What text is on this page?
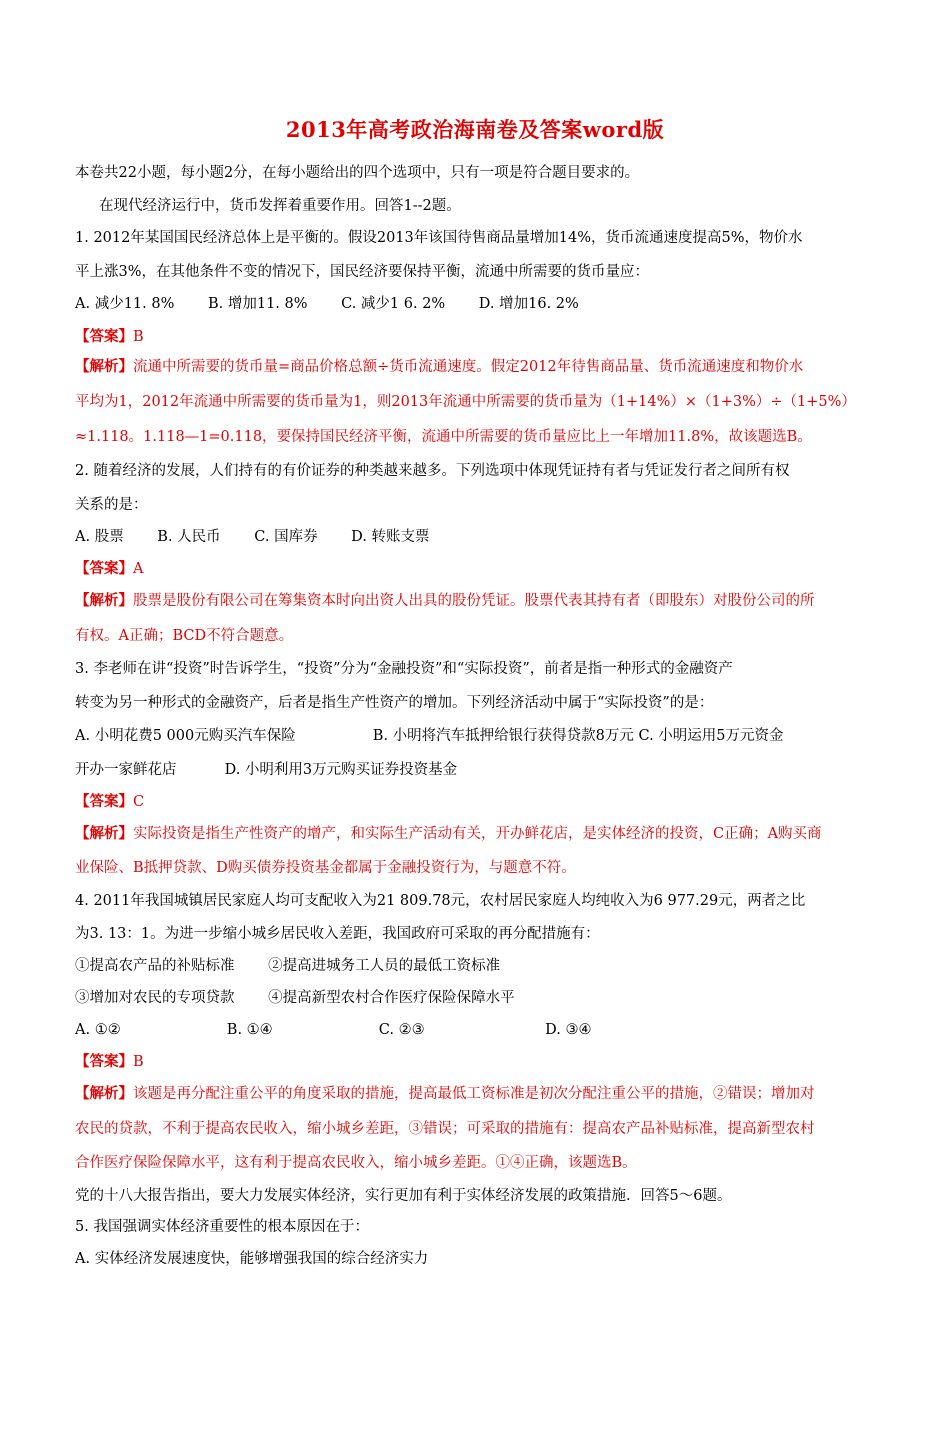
2013年高考政治海南卷及答案word版
本卷共22小题，每小题2分，在每小题给出的四个选项中，只有一项是符合题目要求的。
在现代经济运行中，货币发挥着重要作用。回答1--2题。
1. 2012年某国国民经济总体上是平衡的。假设2013年该国待售商品量增加14%，货币流通速度提高5%，物价水
平上涨3%，在其他条件不变的情况下，国民经济要保持平衡，流通中所需要的货币量应：
A. 减少11. 8%　　 B. 增加11. 8%　　 C. 减少1 6. 2%　　 D. 增加16. 2%
【答案】B
【解析】流通中所需要的货币量=商品价格总额÷货币流通速度。假定2012年待售商品量、货币流通速度和物价水
平均为1，2012年流通中所需要的货币量为1，则2013年流通中所需要的货币量为（1+14%）×（1+3%）÷（1+5%）
≈1.118。1.118—1=0.118，要保持国民经济平衡，流通中所需要的货币量应比上一年增加11.8%，故该题选B。
2. 随着经济的发展，人们持有的有价证券的种类越来越多。下列选项中体现凭证持有者与凭证发行者之间所有权
关系的是：
A. 股票　　 B. 人民币　　 C. 国库券　　 D. 转账支票
【答案】A
【解析】股票是股份有限公司在筹集资本时向出资人出具的股份凭证。股票代表其持有者（即股东）对股份公司的所
有权。A正确；BCD不符合题意。
3. 李老师在讲“投资”时告诉学生，“投资”分为“金融投资”和“实际投资”，前者是指一种形式的金融资产
转变为另一种形式的金融资产，后者是指生产性资产的增加。下列经济活动中属于“实际投资”的是：
A. 小明花费5 000元购买汽车保险　　　　　 B. 小明将汽车抵押给银行获得贷款8万元 C. 小明运用5万元资金
开办一家鲜花店　　　 D. 小明利用3万元购买证券投资基金
【答案】C
【解析】实际投资是指生产性资产的增产，和实际生产活动有关，开办鲜花店，是实体经济的投资，C正确；A购买商
业保险、B抵押贷款、D购买债券投资基金都属于金融投资行为，与题意不符。
4. 2011年我国城镇居民家庭人均可支配收入为21 809.78元，农村居民家庭人均纯收入为6 977.29元，两者之比
为3. 13：1。为进一步缩小城乡居民收入差距，我国政府可采取的再分配措施有：
①提高农产品的补贴标准　　 ②提高进城务工人员的最低工资标准
③增加对农民的专项贷款　　 ④提高新型农村合作医疗保险保障水平
A. ①②　　　　　　　 B. ①④　　　　　　　 C. ②③　　　　　　　　 D. ③④
【答案】B
【解析】该题是再分配注重公平的角度采取的措施，提高最低工资标准是初次分配注重公平的措施，②错误；增加对
农民的贷款，不利于提高农民收入，缩小城乡差距，③错误；可采取的措施有：提高农产品补贴标准，提高新型农村
合作医疗保险保障水平，这有利于提高农民收入，缩小城乡差距。①④正确，该题选B。
党的十八大报告指出，要大力发展实体经济，实行更加有利于实体经济发展的政策措施．回答5～6题。
5. 我国强调实体经济重要性的根本原因在于：
A. 实体经济发展速度快，能够增强我国的综合经济实力
